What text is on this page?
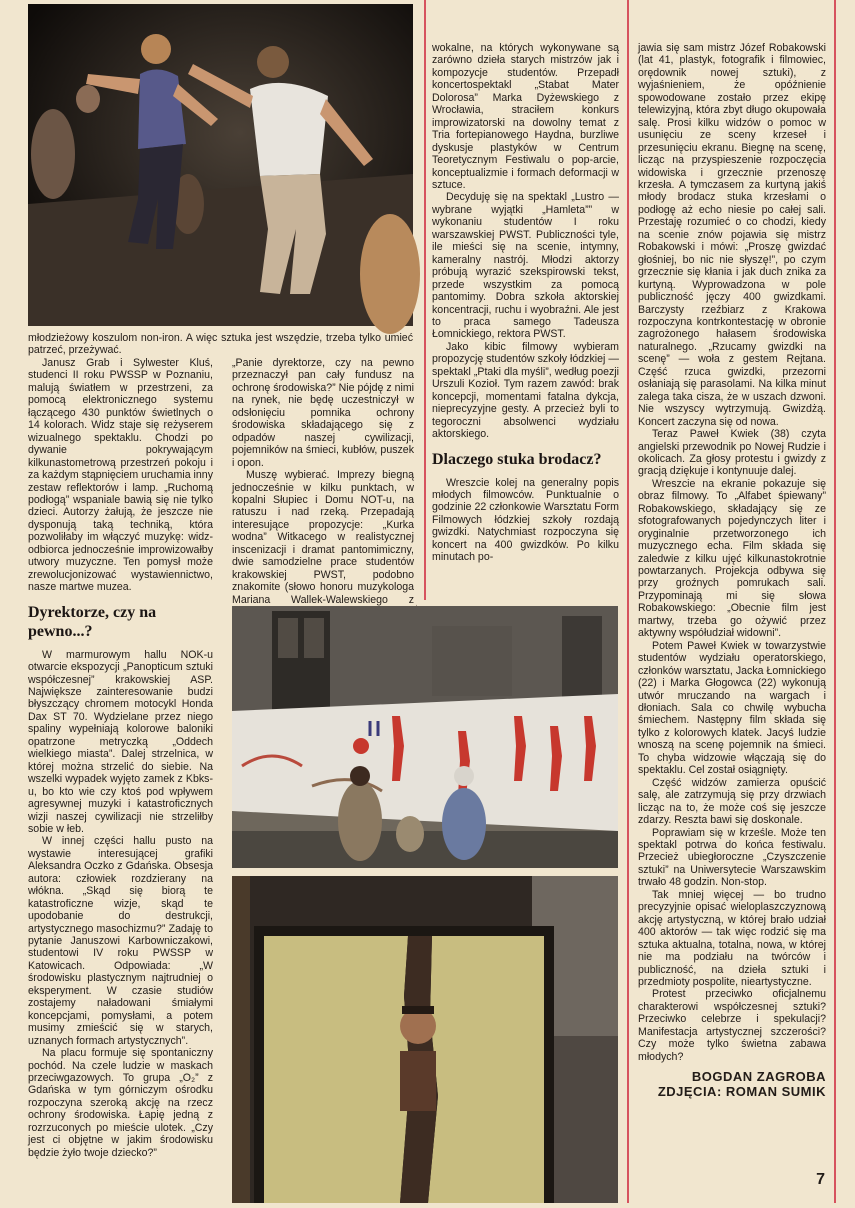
młodzieżowy koszulom non-iron. A więc sztuka jest wszędzie, trzeba tylko umieć patrzeć, przeżywać.

Janusz Grab i Sylwester Kluś, studenci II roku PWSSP w Poznaniu, malują światłem w przestrzeni, za pomocą elektronicznego systemu łączącego 430 punktów świetlnych o 14 kolorach. Widz staje się reżyserem wizualnego spektaklu. Chodzi po dywanie pokrywającym kilkunastometrową przestrzeń pokoju i za każdym stąpnięciem uruchamia inny zestaw reflektorów i lamp. „Ruchomą podłogą” wspaniale bawią się nie tylko dzieci. Autorzy żałują, że jeszcze nie dysponują taką techniką, która pozwoliłaby im włączyć muzykę: widz-odbiorca jednocześnie improwizowałby utwory muzyczne. Ten pomysł może zrewolucjonizować wystawiennictwo, nasze martwe muzea.

Dyrektorze, czy na pewno...?

W marmurowym hallu NOK-u otwarcie ekspozycji „Panopticum sztuki współczesnej” krakowskiej ASP. Największe zainteresowanie budzi błyszczący chromem motocykl Honda Dax ST 70. Wydzielane przez niego spaliny wypełniają kolorowe baloniki opatrzone metryczką „Oddech wielkiego miasta”. Dalej strzelnica, w której można strzelić do siebie. Na wszelki wypadek wyjęto zamek z Kbks-u, bo kto wie czy ktoś pod wpływem agresywnej muzyki i katastroficznych wizji naszej cywilizacji nie strzeliłby sobie w łeb.

W innej części hallu pusto na wystawie interesującej grafiki Aleksandra Oczko z Gdańska. Obsesja autora: człowiek rozdzierany na włókna. „Skąd się biorą te katastroficzne wizje, skąd te upodobanie do destrukcji, artystycznego masochizmu?” Zadaję to pytanie Januszowi Karbowniczakowi, studentowi IV roku PWSSP w Katowicach. Odpowiada: „W środowisku plastycznym najtrudniej o eksperyment. W czasie studiów zostajemy naładowani śmiałymi koncepcjami, pomysłami, a potem musimy zmieścić się w starych, uznanych formach artystycznych”.

Na placu formuje się spontaniczny pochód. Na czele ludzie w maskach przeciwgazowych. To grupa „O₂” z Gdańska w tym górniczym ośrodku rozpoczyna szeroką akcję na rzecz ochrony środowiska. Łapię jedną z rozrzuconych po mieście ulotek. „Czy jest ci objętne w jakim środowisku będzie żyło twoje dziecko?”

„Panie dyrektorze, czy na pewno przeznaczył pan cały fundusz na ochronę środowiska?” Nie pójdę z nimi na rynek, nie będę uczestniczył w odsłonięciu pomnika ochrony środowiska składającego się z odpadów naszej cywilizacji, pojemników na śmieci, kubłów, puszek i opon.

Muszę wybierać. Imprezy biegną jednocześnie w kilku punktach, w kopalni Słupiec i Domu NOT-u, na ratuszu i nad rzeką. Przepadają interesujące propozycje: „Kurka wodna” Witkacego w realistycznej inscenizacji i dramat pantomimiczny, dwie samodzielne prace studentów krakowskiej PWST, podobno znakomite (słowo honoru muzykologa Mariana Wallek-Walewskiego z

wokalne, na których wykonywane są zarówno dzieła starych mistrzów jak i kompozycje studentów. Przepadł koncertospektakl „Stabat Mater Dolorosa” Marka Dyżewskiego z Wrocławia, straciłem konkurs improwizatorski na dowolny temat z Tria fortepianowego Haydna, burzliwe dyskusje plastyków w Centrum Teoretycznym Festiwalu o pop-arcie, konceptualizmie i formach deformacji w sztuce.

Decyduję się na spektakl „Lustro — wybrane wyjątki „Hamleta”” w wykonaniu studentów I roku warszawskiej PWST. Publiczności tyle, ile mieści się na scenie, intymny, kameralny nastrój. Młodzi aktorzy próbują wyrazić szekspirowski tekst, przede wszystkim za pomocą pantomimy. Dobra szkoła aktorskiej koncentracji, ruchu i wyobraźni. Ale jest to praca samego Tadeusza Łomnickiego, rektora PWST.

Jako kibic filmowy wybieram propozycję studentów szkoły łódzkiej — spektakl „Ptaki dla myśli”, według poezji Urszuli Kozioł. Tym razem zawód: brak koncepcji, momentami fatalna dykcja, nieprecyzyjne gesty. A przecież byli to tegoroczni absolwenci wydziału aktorskiego.

Dlaczego stuka brodacz?

Wreszcie kolej na generalny popis młodych filmowców. Punktualnie o godzinie 22 członkowie Warsztatu Form Filmowych łódzkiej szkoły rozdają gwizdki. Natychmiast rozpoczyna się koncert na 400 gwizdków. Po kilku minutach po-

jawia się sam mistrz Józef Robakowski (lat 41, plastyk, fotografik i filmowiec, orędownik nowej sztuki), z wyjaśnieniem, że opóźnienie spowodowane zostało przez ekipę telewizyjną, która zbyt długo okupowała salę. Prosi kilku widzów o pomoc w usunięciu ze sceny krzeseł i przesunięciu ekranu. Biegnę na scenę, licząc na przyspieszenie rozpoczęcia widowiska i grzecznie przenoszę krzesła. A tymczasem za kurtyną jakiś młody brodacz stuka krzesłami o podłogę aż echo niesie po całej sali. Przestaję rozumieć o co chodzi, kiedy na scenie znów pojawia się mistrz Robakowski i mówi: „Proszę gwizdać głośniej, bo nic nie słyszę!”, po czym grzecznie się kłania i jak duch znika za kurtyną. Wyprowadzona w pole publiczność jęczy 400 gwizdkami. Barczysty rzeźbiarz z Krakowa rozpoczyna kontrkontestację w obronie zagrożonego hałasem środowiska naturalnego. „Rzucamy gwizdki na scenę” — woła z gestem Rejtana. Część rzuca gwizdki, przezorni osłaniają się parasolami. Na kilka minut zalega taka cisza, że w uszach dzwoni. Nie wszyscy wytrzymują. Gwizdżą. Koncert zaczyna się od nowa.

Teraz Paweł Kwiek (38) czyta angielski przewodnik po Nowej Rudzie i okolicach. Za głosy protestu i gwizdy z gracją dziękuje i kontynuuje dalej.

Wreszcie na ekranie pokazuje się obraz filmowy. To „Alfabet śpiewany” Robakowskiego, składający się ze sfotografowanych pojedynczych liter i oryginalnie przetworzonego ich muzycznego echa. Film składa się zaledwie z kilku ujęć kilkunastokrotnie powtarzanych. Projekcja odbywa się przy groźnych pomrukach sali. Przypominają mi się słowa Robakowskiego: „Obecnie film jest martwy, trzeba go ożywić przez aktywny współudział widowni”.

Potem Paweł Kwiek w towarzystwie studentów wydziału operatorskiego, członków warsztatu, Jacka Łomnickiego (22) i Marka Głogowca (22) wykonują utwór mruczando na wargach i dłoniach. Sala co chwilę wybucha śmiechem. Następny film składa się tylko z kolorowych klatek. Jacyś ludzie wnoszą na scenę pojemnik na śmieci. To chyba widzowie włączają się do spektaklu. Cel został osiągnięty.

Część widzów zamierza opuścić salę, ale zatrzymują się przy drzwiach licząc na to, że może coś się jeszcze zdarzy. Reszta bawi się doskonale.

Poprawiam się w krześle. Może ten spektakl potrwa do końca festiwalu. Przecież ubiegłoroczne „Czyszczenie sztuki” na Uniwersytecie Warszawskim trwało 48 godzin. Non-stop.

Tak mniej więcej — bo trudno precyzyjnie opisać wieloplaszczyznową akcję artystyczną, w której brało udział 400 aktorów — tak więc rodzić się ma sztuka aktualna, totalna, nowa, w której nie ma podziału na twórców i publiczność, na dzieła sztuki i przedmioty pospolite, nieartystyczne.

Protest przeciwko oficjalnemu charakterowi współczesnej sztuki? Przeciwko celebrze i spekulacji? Manifestacja artystycznej szczerości? Czy może tylko świetna zabawa młodych?

BOGDAN ZAGROBA
ZDJĘCIA: ROMAN SUMIK
7
